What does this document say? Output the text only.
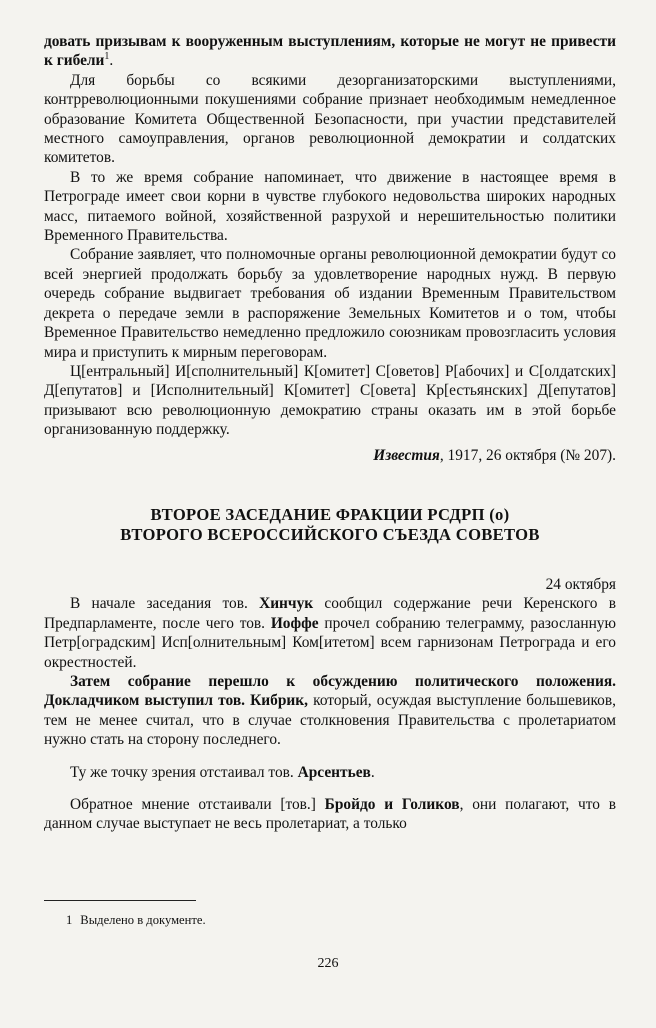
довать призывам к вооруженным выступлениям, которые не могут не привести к гибели$^1$.

Для борьбы со всякими дезорганизаторскими выступлениями, контрреволюционными покушениями собрание признает необходимым немедленное образование Комитета Общественной Безопасности, при участии представителей местного самоуправления, органов революционной демократии и солдатских комитетов.

В то же время собрание напоминает, что движение в настоящее время в Петрограде имеет свои корни в чувстве глубокого недовольства широких народных масс, питаемого войной, хозяйственной разрухой и нерешительностью политики Временного Правительства.

Собрание заявляет, что полномочные органы революционной демократии будут со всей энергией продолжать борьбу за удовлетворение народных нужд. В первую очередь собрание выдвигает требования об издании Временным Правительством декрета о передаче земли в распоряжение Земельных Комитетов и о том, чтобы Временное Правительство немедленно предложило союзникам провозгласить условия мира и приступить к мирным переговорам.

Ц[ентральный] И[сполнительный] К[омитет] С[оветов] Р[абочих] и С[олдатских] Д[епутатов] и [Исполнительный] К[омитет] С[овета] Кр[естьянских] Д[епутатов] призывают всю революционную демократию страны оказать им в этой борьбе организованную поддержку.

Известия, 1917, 26 октября (№ 207).
ВТОРОЕ ЗАСЕДАНИЕ ФРАКЦИИ РСДРП (о)
ВТОРОГО ВСЕРОССИЙСКОГО СЪЕЗДА СОВЕТОВ
24 октября

В начале заседания тов. Хинчук сообщил содержание речи Керенского в Предпарламенте, после чего тов. Иоффе прочел собранию телеграмму, разосланную Петр[оградским] Исп[олнительным] Ком[итетом] всем гарнизонам Петрограда и его окрестностей.

Затем собрание перешло к обсуждению политического положения. Докладчиком выступил тов. Кибрик, который, осуждая выступление большевиков, тем не менее считал, что в случае столкновения Правительства с пролетариатом нужно стать на сторону последнего.

Ту же точку зрения отстаивал тов. Арсентьев.

Обратное мнение отстаивали [тов.] Бройдо и Голиков, они полагают, что в данном случае выступает не весь пролетариат, а только

1 Выделено в документе.
226
